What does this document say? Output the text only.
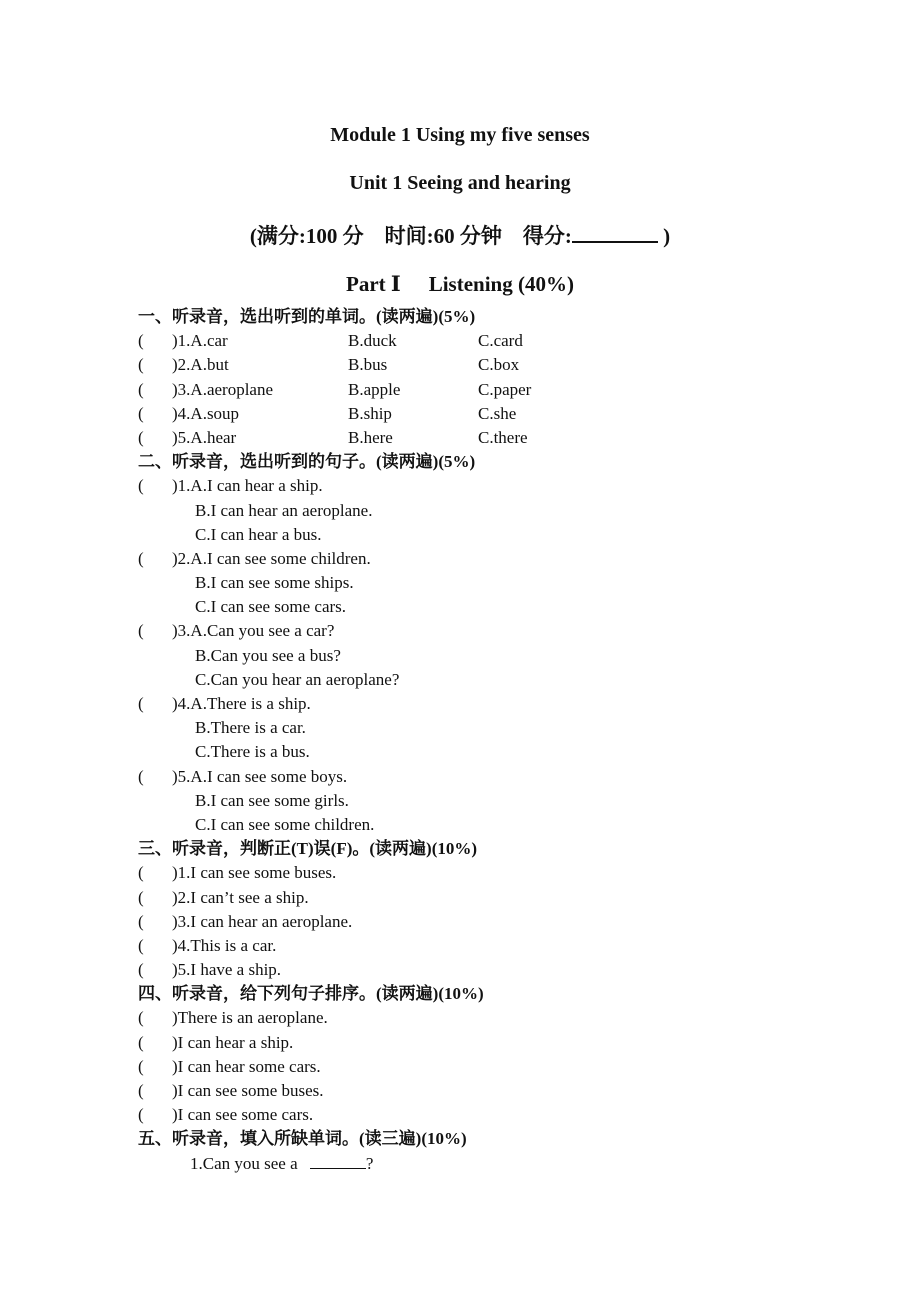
Module 1 Using my five senses
Unit 1 Seeing and hearing
(满分:100 分　时间:60 分钟　得分:	)
Part Ⅰ Listening (40%)
一、听录音，选出听到的单词。(读两遍)(5%)
( )1.A.car	B.duck	C.card
( )2.A.but	B.bus	C.box
( )3.A.aeroplane	B.apple	C.paper
( )4.A.soup	B.ship	C.she
( )5.A.hear	B.here	C.there
二、听录音，选出听到的句子。(读两遍)(5%)
( )1.A.I can hear a ship.
B.I can hear an aeroplane.
C.I can hear a bus.
( )2.A.I can see some children.
B.I can see some ships.
C.I can see some cars.
( )3.A.Can you see a car?
B.Can you see a bus?
C.Can you hear an aeroplane?
( )4.A.There is a ship.
B.There is a car.
C.There is a bus.
( )5.A.I can see some boys.
B.I can see some girls.
C.I can see some children.
三、听录音，判断正(T)误(F)。(读两遍)(10%)
( )1.I can see some buses.
( )2.I can’t see a ship.
( )3.I can hear an aeroplane.
( )4.This is a car.
( )5.I have a ship.
四、听录音，给下列句子排序。(读两遍)(10%)
( )There is an aeroplane.
( )I can hear a ship.
( )I can hear some cars.
( )I can see some buses.
( )I can see some cars.
五、听录音，填入所缺单词。(读三遍)(10%)
1.Can you see a	?
